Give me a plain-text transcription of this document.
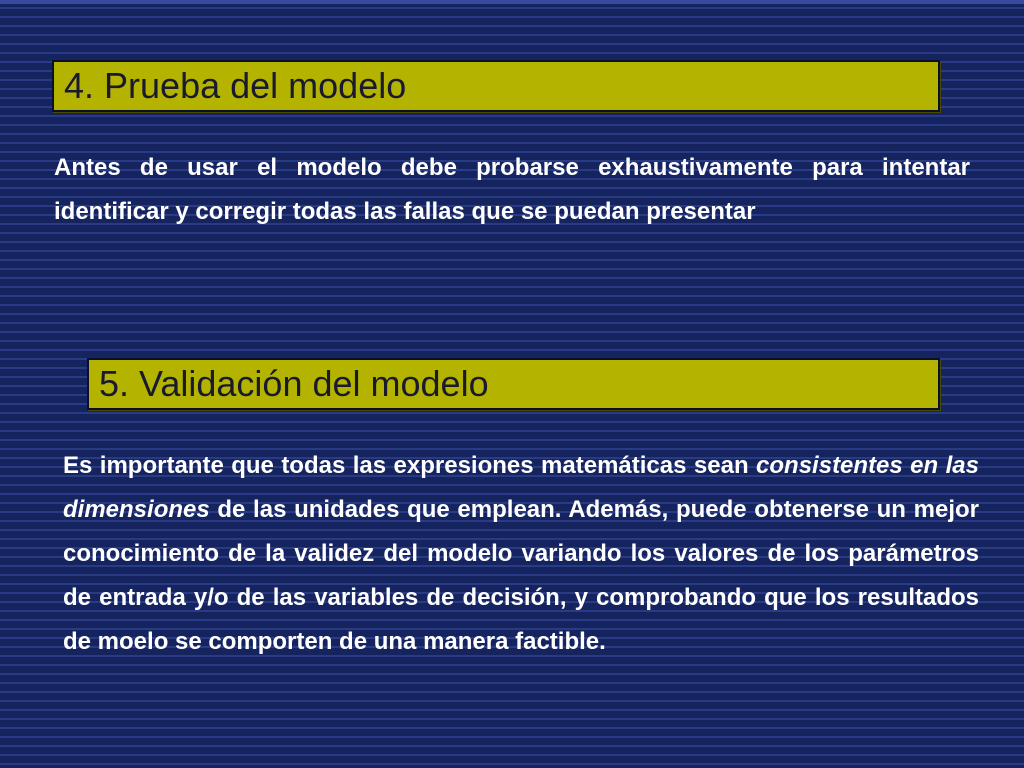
4. Prueba del modelo

Antes de usar el modelo debe probarse exhaustivamente para intentar identificar y corregir todas las fallas que se puedan presentar

5. Validación del modelo

Es importante que todas las expresiones matemáticas sean consistentes en las dimensiones de las unidades que emplean. Además, puede obtenerse un mejor conocimiento de la validez del modelo variando los valores de los parámetros de entrada y/o de las variables de decisión, y comprobando que los resultados de moelo se comporten de una manera factible.
